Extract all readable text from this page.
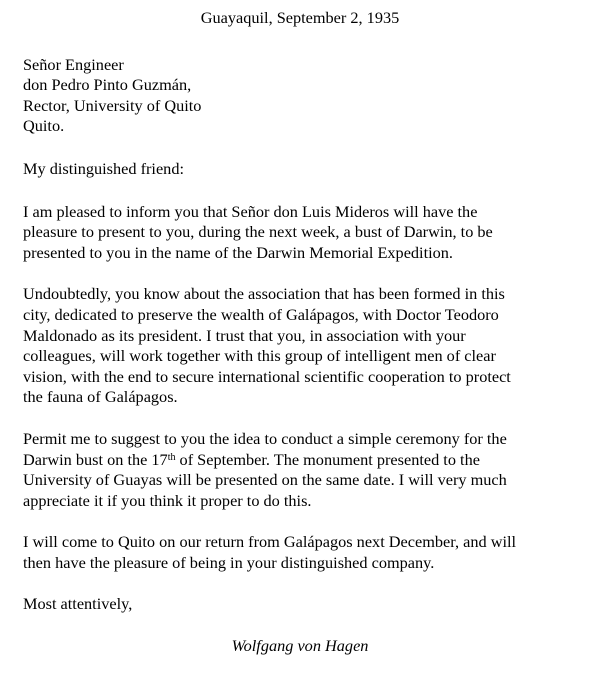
Guayaquil, September 2, 1935
Señor Engineer
don Pedro Pinto Guzmán,
Rector, University of Quito
Quito.
My distinguished friend:
I am pleased to inform you that Señor don Luis Mideros will have the
pleasure to present to you, during the next week, a bust of Darwin, to be
presented to you in the name of the Darwin Memorial Expedition.
Undoubtedly, you know about the association that has been formed in this
city, dedicated to preserve the wealth of Galápagos, with Doctor Teodoro
Maldonado as its president. I trust that you, in association with your
colleagues, will work together with this group of intelligent men of clear
vision, with the end to secure international scientific cooperation to protect
the fauna of Galápagos.
Permit me to suggest to you the idea to conduct a simple ceremony for the
Darwin bust on the 17th of September. The monument presented to the
University of Guayas will be presented on the same date. I will very much
appreciate it if you think it proper to do this.
I will come to Quito on our return from Galápagos next December, and will
then have the pleasure of being in your distinguished company.
Most attentively,
Wolfgang von Hagen
